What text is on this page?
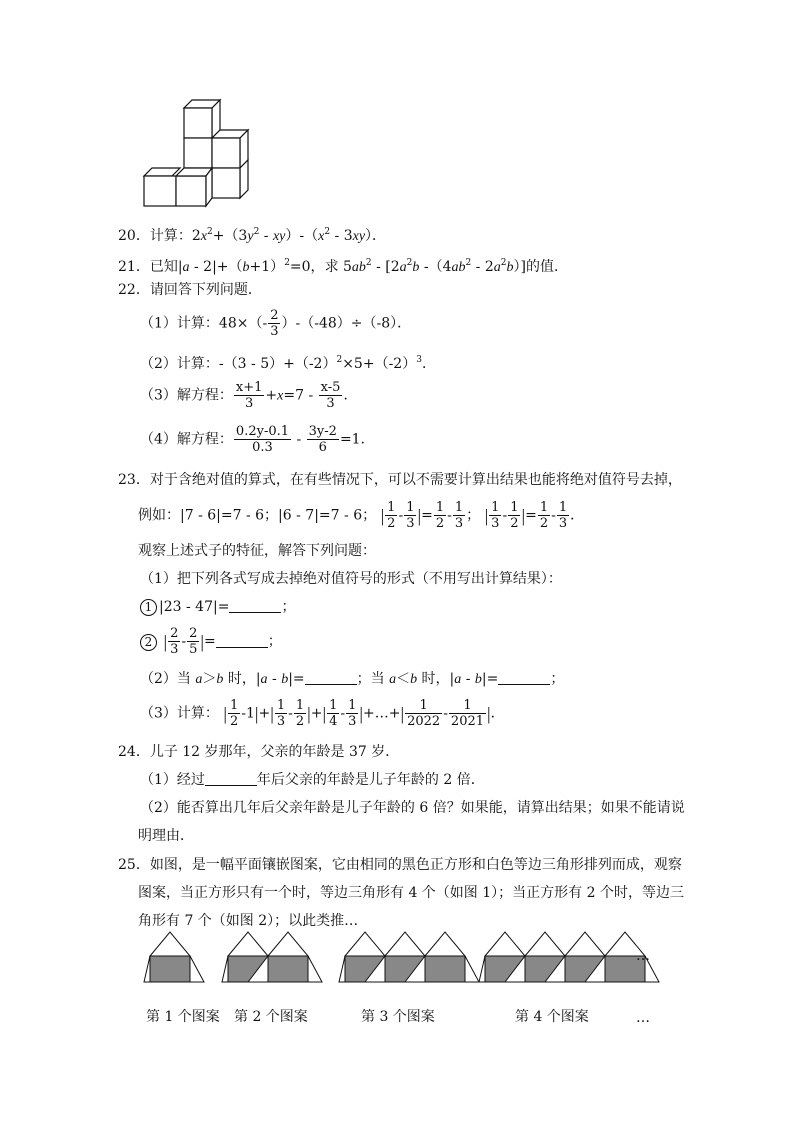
20．计算：$2x^2+(3y^2 - xy)-(x^2 - 3xy)$．
21．已知$|a - 2|+(b+1)^2=0$，求 $5ab^2 - [2a^2b$ $-(4ab^2 - 2a^2b)$]的值．
22．请回答下列问题．
（1）计算：$48\times(- \frac{2}{3} )-(-48)\div(-8)$．
（2）计算：$-(3 - 5)+(-2)^2\times 5+(-2)^3$．
（3）解方程： $\frac{x+1}{3} +x=7 - \frac{x-5}{3}$ ．
（4）解方程： $\frac{0.2y-0.1}{0.3} - \frac{3y-2}{6} =1$．
23．对于含绝对值的算式，在有些情况下，可以不需要计算出结果也能将绝对值符号去掉，
例如：|7 - 6|=7 - 6；|6 - 7|=7 - 6； | $\frac{1}{2} - \frac{1}{3}$ |= $\frac{1}{2} - \frac{1}{3}$ ； | $\frac{1}{3} - \frac{1}{2}$ |= $\frac{1}{2} - \frac{1}{3}$ ．
观察上述式子的特征，解答下列问题：
（1）把下列各式写成去掉绝对值符号的形式（不用写出计算结果）：
1 |23 - 47|=	；
2 | $\frac{2}{3} - \frac{2}{5}$ |=	；
（2）当 a＞b 时，|a - b|=	；当 a＜b 时，|a - b|=	；
（3）计算： | $\frac{1}{2} -1|+| \frac{1}{3} - \frac{1}{2}$ |+| $\frac{1}{4} - \frac{1}{3}$ |+…+| $\frac{1}{2022} - \frac{1}{2021}$ |．
24．儿子 12 岁那年，父亲的年龄是 37 岁．
（1）经过	年后父亲的年龄是儿子年龄的 2 倍．
（2）能否算出几年后父亲年龄是儿子年龄的 6 倍？如果能，请算出结果；如果不能请说
明理由．
25．如图，是一幅平面镶嵌图案，它由相同的黑色正方形和白色等边三角形排列而成，观察
图案，当正方形只有一个时，等边三角形有 4 个（如图 1）；当正方形有 2 个时，等边三
角形有 7 个（如图 2）；以此类推…
…
第 1 个图案 第 2 个图案	第 3 个图案	第 4 个图案	…
